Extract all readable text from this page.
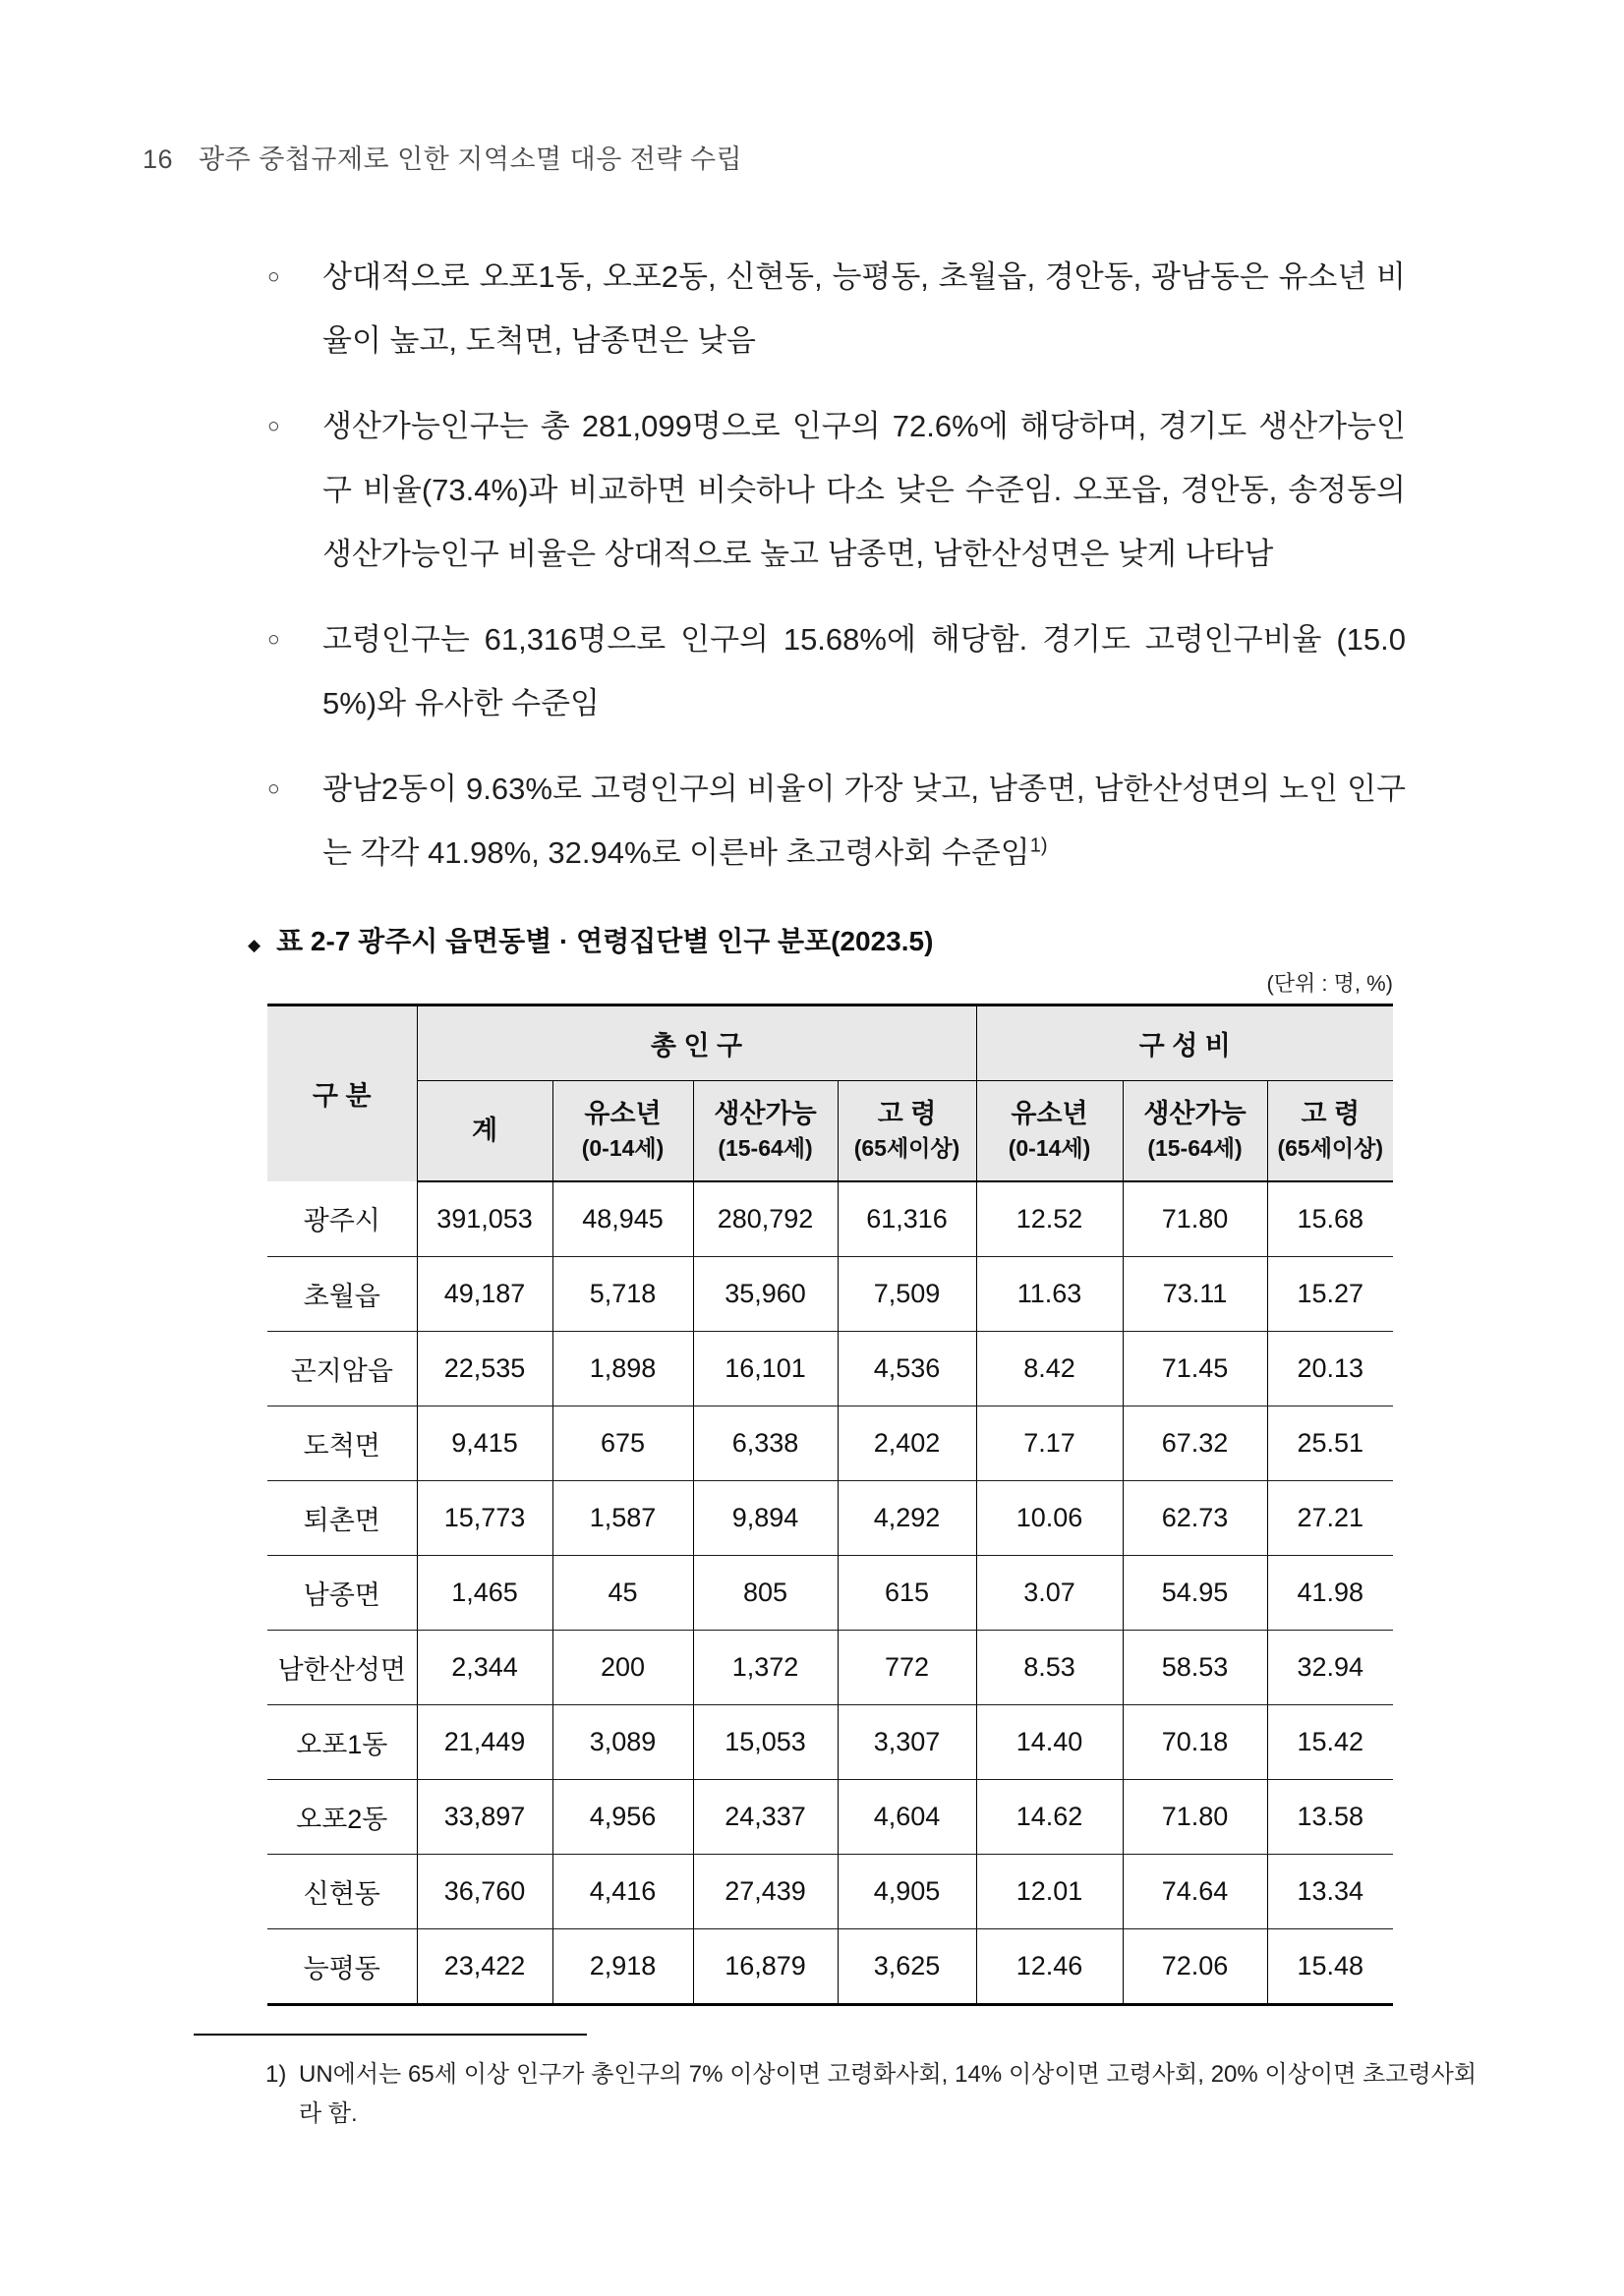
16 광주 중첩규제로 인한 지역소멸 대응 전략 수립
○	상대적으로 오포1동, 오포2동, 신현동, 능평동, 초월읍, 경안동, 광남동은 유소년 비율이 높고, 도척면, 남종면은 낮음

○	생산가능인구는 총 281,099명으로 인구의 72.6%에 해당하며, 경기도 생산가능인구 비율(73.4%)과 비교하면 비슷하나 다소 낮은 수준임. 오포읍, 경안동, 송정동의 생산가능인구 비율은 상대적으로 높고 남종면, 남한산성면은 낮게 나타남

○	고령인구는 61,316명으로 인구의 15.68%에 해당함. 경기도 고령인구비율 (15.05%)와 유사한 수준임

○	광남2동이 9.63%로 고령인구의 비율이 가장 낮고, 남종면, 남한산성면의 노인 인구는 각각 41.98%, 32.94%로 이른바 초고령사회 수준임$^{1)}$

◆ 표 2-7 광주시 읍면동별 · 연령집단별 인구 분포(2023.5)
(단위 : 명, %)
구 분	총 인 구				구 성 비		

	계	유소년
(0-14세)	생산가능
(15-64세)	고 령
(65세이상)	유소년
(0-14세)	생산가능
(15-64세)	고 령
(65세이상)

광주시	391,053	48,945	280,792	61,316	12.52	71.80	15.68
초월읍	49,187	5,718	35,960	7,509	11.63	73.11	15.27
곤지암읍	22,535	1,898	16,101	4,536	8.42	71.45	20.13
도척면	9,415	675	6,338	2,402	7.17	67.32	25.51
퇴촌면	15,773	1,587	9,894	4,292	10.06	62.73	27.21
남종면	1,465	45	805	615	3.07	54.95	41.98
남한산성면	2,344	200	1,372	772	8.53	58.53	32.94
오포1동	21,449	3,089	15,053	3,307	14.40	70.18	15.42
오포2동	33,897	4,956	24,337	4,604	14.62	71.80	13.58
신현동	36,760	4,416	27,439	4,905	12.01	74.64	13.34
능평동	23,422	2,918	16,879	3,625	12.46	72.06	15.48
1) UN에서는 65세 이상 인구가 총인구의 7% 이상이면 고령화사회, 14% 이상이면 고령사회, 20% 이상이면 초고령사회라 함.
